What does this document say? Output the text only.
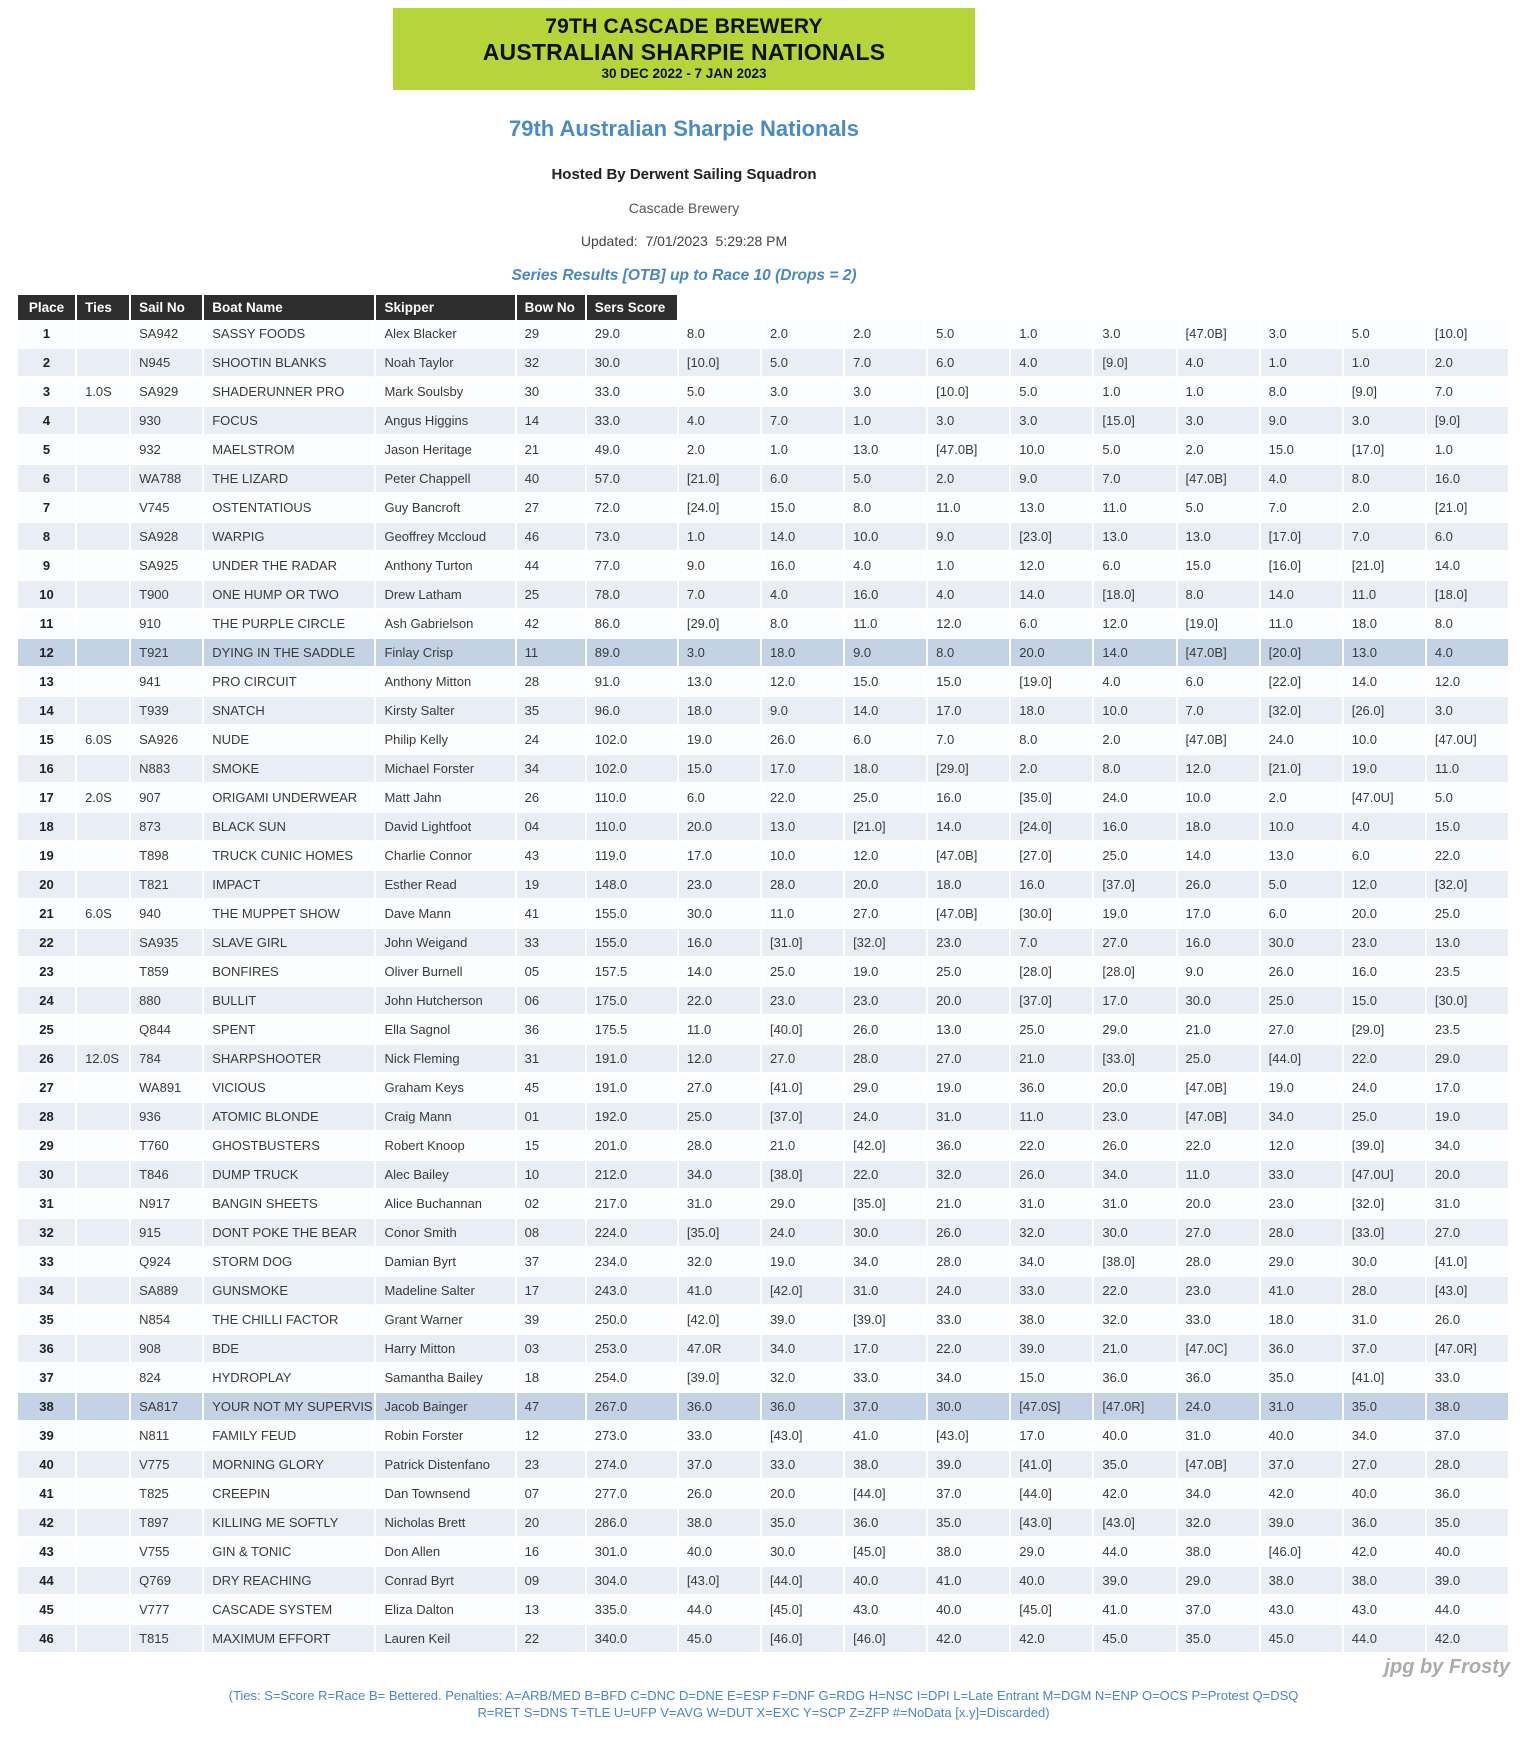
79TH CASCADE BREWERY
AUSTRALIAN SHARPIE NATIONALS
30 DEC 2022 - 7 JAN 2023
79th Australian Sharpie Nationals
Hosted By Derwent Sailing Squadron
Cascade Brewery
Updated:  7/01/2023  5:29:28 PM
Series Results [OTB] up to Race 10 (Drops = 2)
Place	Ties	Sail No	Boat Name	Skipper	Bow No	Sers Score										
1		SA942	SASSY FOODS	Alex Blacker	29	29.0	8.0	2.0	2.0	5.0	1.0	3.0	[47.0B]	3.0	5.0	[10.0]
2		N945	SHOOTIN BLANKS	Noah Taylor	32	30.0	[10.0]	5.0	7.0	6.0	4.0	[9.0]	4.0	1.0	1.0	2.0
3	1.0S	SA929	SHADERUNNER PRO	Mark Soulsby	30	33.0	5.0	3.0	3.0	[10.0]	5.0	1.0	1.0	8.0	[9.0]	7.0
4		930	FOCUS	Angus Higgins	14	33.0	4.0	7.0	1.0	3.0	3.0	[15.0]	3.0	9.0	3.0	[9.0]
5		932	MAELSTROM	Jason Heritage	21	49.0	2.0	1.0	13.0	[47.0B]	10.0	5.0	2.0	15.0	[17.0]	1.0
6		WA788	THE LIZARD	Peter Chappell	40	57.0	[21.0]	6.0	5.0	2.0	9.0	7.0	[47.0B]	4.0	8.0	16.0
7		V745	OSTENTATIOUS	Guy Bancroft	27	72.0	[24.0]	15.0	8.0	11.0	13.0	11.0	5.0	7.0	2.0	[21.0]
8		SA928	WARPIG	Geoffrey Mccloud	46	73.0	1.0	14.0	10.0	9.0	[23.0]	13.0	13.0	[17.0]	7.0	6.0
9		SA925	UNDER THE RADAR	Anthony Turton	44	77.0	9.0	16.0	4.0	1.0	12.0	6.0	15.0	[16.0]	[21.0]	14.0
10		T900	ONE HUMP OR TWO	Drew Latham	25	78.0	7.0	4.0	16.0	4.0	14.0	[18.0]	8.0	14.0	11.0	[18.0]
11		910	THE PURPLE CIRCLE	Ash Gabrielson	42	86.0	[29.0]	8.0	11.0	12.0	6.0	12.0	[19.0]	11.0	18.0	8.0
12		T921	DYING IN THE SADDLE	Finlay Crisp	11	89.0	3.0	18.0	9.0	8.0	20.0	14.0	[47.0B]	[20.0]	13.0	4.0
13		941	PRO CIRCUIT	Anthony Mitton	28	91.0	13.0	12.0	15.0	15.0	[19.0]	4.0	6.0	[22.0]	14.0	12.0
14		T939	SNATCH	Kirsty Salter	35	96.0	18.0	9.0	14.0	17.0	18.0	10.0	7.0	[32.0]	[26.0]	3.0
15	6.0S	SA926	NUDE	Philip Kelly	24	102.0	19.0	26.0	6.0	7.0	8.0	2.0	[47.0B]	24.0	10.0	[47.0U]
16		N883	SMOKE	Michael Forster	34	102.0	15.0	17.0	18.0	[29.0]	2.0	8.0	12.0	[21.0]	19.0	11.0
17	2.0S	907	ORIGAMI UNDERWEAR	Matt Jahn	26	110.0	6.0	22.0	25.0	16.0	[35.0]	24.0	10.0	2.0	[47.0U]	5.0
18		873	BLACK SUN	David Lightfoot	04	110.0	20.0	13.0	[21.0]	14.0	[24.0]	16.0	18.0	10.0	4.0	15.0
19		T898	TRUCK CUNIC HOMES	Charlie Connor	43	119.0	17.0	10.0	12.0	[47.0B]	[27.0]	25.0	14.0	13.0	6.0	22.0
20		T821	IMPACT	Esther Read	19	148.0	23.0	28.0	20.0	18.0	16.0	[37.0]	26.0	5.0	12.0	[32.0]
21	6.0S	940	THE MUPPET SHOW	Dave Mann	41	155.0	30.0	11.0	27.0	[47.0B]	[30.0]	19.0	17.0	6.0	20.0	25.0
22		SA935	SLAVE GIRL	John Weigand	33	155.0	16.0	[31.0]	[32.0]	23.0	7.0	27.0	16.0	30.0	23.0	13.0
23		T859	BONFIRES	Oliver Burnell	05	157.5	14.0	25.0	19.0	25.0	[28.0]	[28.0]	9.0	26.0	16.0	23.5
24		880	BULLIT	John Hutcherson	06	175.0	22.0	23.0	23.0	20.0	[37.0]	17.0	30.0	25.0	15.0	[30.0]
25		Q844	SPENT	Ella Sagnol	36	175.5	11.0	[40.0]	26.0	13.0	25.0	29.0	21.0	27.0	[29.0]	23.5
26	12.0S	784	SHARPSHOOTER	Nick Fleming	31	191.0	12.0	27.0	28.0	27.0	21.0	[33.0]	25.0	[44.0]	22.0	29.0
27		WA891	VICIOUS	Graham Keys	45	191.0	27.0	[41.0]	29.0	19.0	36.0	20.0	[47.0B]	19.0	24.0	17.0
28		936	ATOMIC BLONDE	Craig Mann	01	192.0	25.0	[37.0]	24.0	31.0	11.0	23.0	[47.0B]	34.0	25.0	19.0
29		T760	GHOSTBUSTERS	Robert Knoop	15	201.0	28.0	21.0	[42.0]	36.0	22.0	26.0	22.0	12.0	[39.0]	34.0
30		T846	DUMP TRUCK	Alec Bailey	10	212.0	34.0	[38.0]	22.0	32.0	26.0	34.0	11.0	33.0	[47.0U]	20.0
31		N917	BANGIN SHEETS	Alice Buchannan	02	217.0	31.0	29.0	[35.0]	21.0	31.0	31.0	20.0	23.0	[32.0]	31.0
32		915	DONT POKE THE BEAR	Conor Smith	08	224.0	[35.0]	24.0	30.0	26.0	32.0	30.0	27.0	28.0	[33.0]	27.0
33		Q924	STORM DOG	Damian Byrt	37	234.0	32.0	19.0	34.0	28.0	34.0	[38.0]	28.0	29.0	30.0	[41.0]
34		SA889	GUNSMOKE	Madeline Salter	17	243.0	41.0	[42.0]	31.0	24.0	33.0	22.0	23.0	41.0	28.0	[43.0]
35		N854	THE CHILLI FACTOR	Grant Warner	39	250.0	[42.0]	39.0	[39.0]	33.0	38.0	32.0	33.0	18.0	31.0	26.0
36		908	BDE	Harry Mitton	03	253.0	47.0R	34.0	17.0	22.0	39.0	21.0	[47.0C]	36.0	37.0	[47.0R]
37		824	HYDROPLAY	Samantha Bailey	18	254.0	[39.0]	32.0	33.0	34.0	15.0	36.0	36.0	35.0	[41.0]	33.0
38		SA817	YOUR NOT MY SUPERVIS	Jacob Bainger	47	267.0	36.0	36.0	37.0	30.0	[47.0S]	[47.0R]	24.0	31.0	35.0	38.0
39		N811	FAMILY FEUD	Robin Forster	12	273.0	33.0	[43.0]	41.0	[43.0]	17.0	40.0	31.0	40.0	34.0	37.0
40		V775	MORNING GLORY	Patrick Distenfano	23	274.0	37.0	33.0	38.0	39.0	[41.0]	35.0	[47.0B]	37.0	27.0	28.0
41		T825	CREEPIN	Dan Townsend	07	277.0	26.0	20.0	[44.0]	37.0	[44.0]	42.0	34.0	42.0	40.0	36.0
42		T897	KILLING ME SOFTLY	Nicholas Brett	20	286.0	38.0	35.0	36.0	35.0	[43.0]	[43.0]	32.0	39.0	36.0	35.0
43		V755	GIN & TONIC	Don Allen	16	301.0	40.0	30.0	[45.0]	38.0	29.0	44.0	38.0	[46.0]	42.0	40.0
44		Q769	DRY REACHING	Conrad Byrt	09	304.0	[43.0]	[44.0]	40.0	41.0	40.0	39.0	29.0	38.0	38.0	39.0
45		V777	CASCADE SYSTEM	Eliza Dalton	13	335.0	44.0	[45.0]	43.0	40.0	[45.0]	41.0	37.0	43.0	43.0	44.0
46		T815	MAXIMUM EFFORT	Lauren Keil	22	340.0	45.0	[46.0]	[46.0]	42.0	42.0	45.0	35.0	45.0	44.0	42.0
jpg by Frosty
(Ties: S=Score R=Race B= Bettered. Penalties: A=ARB/MED B=BFD C=DNC D=DNE E=ESP F=DNF G=RDG H=NSC I=DPI L=Late Entrant M=DGM N=ENP O=OCS P=Protest Q=DSQ
R=RET S=DNS T=TLE U=UFP V=AVG W=DUT X=EXC Y=SCP Z=ZFP #=NoData [x.y]=Discarded)
